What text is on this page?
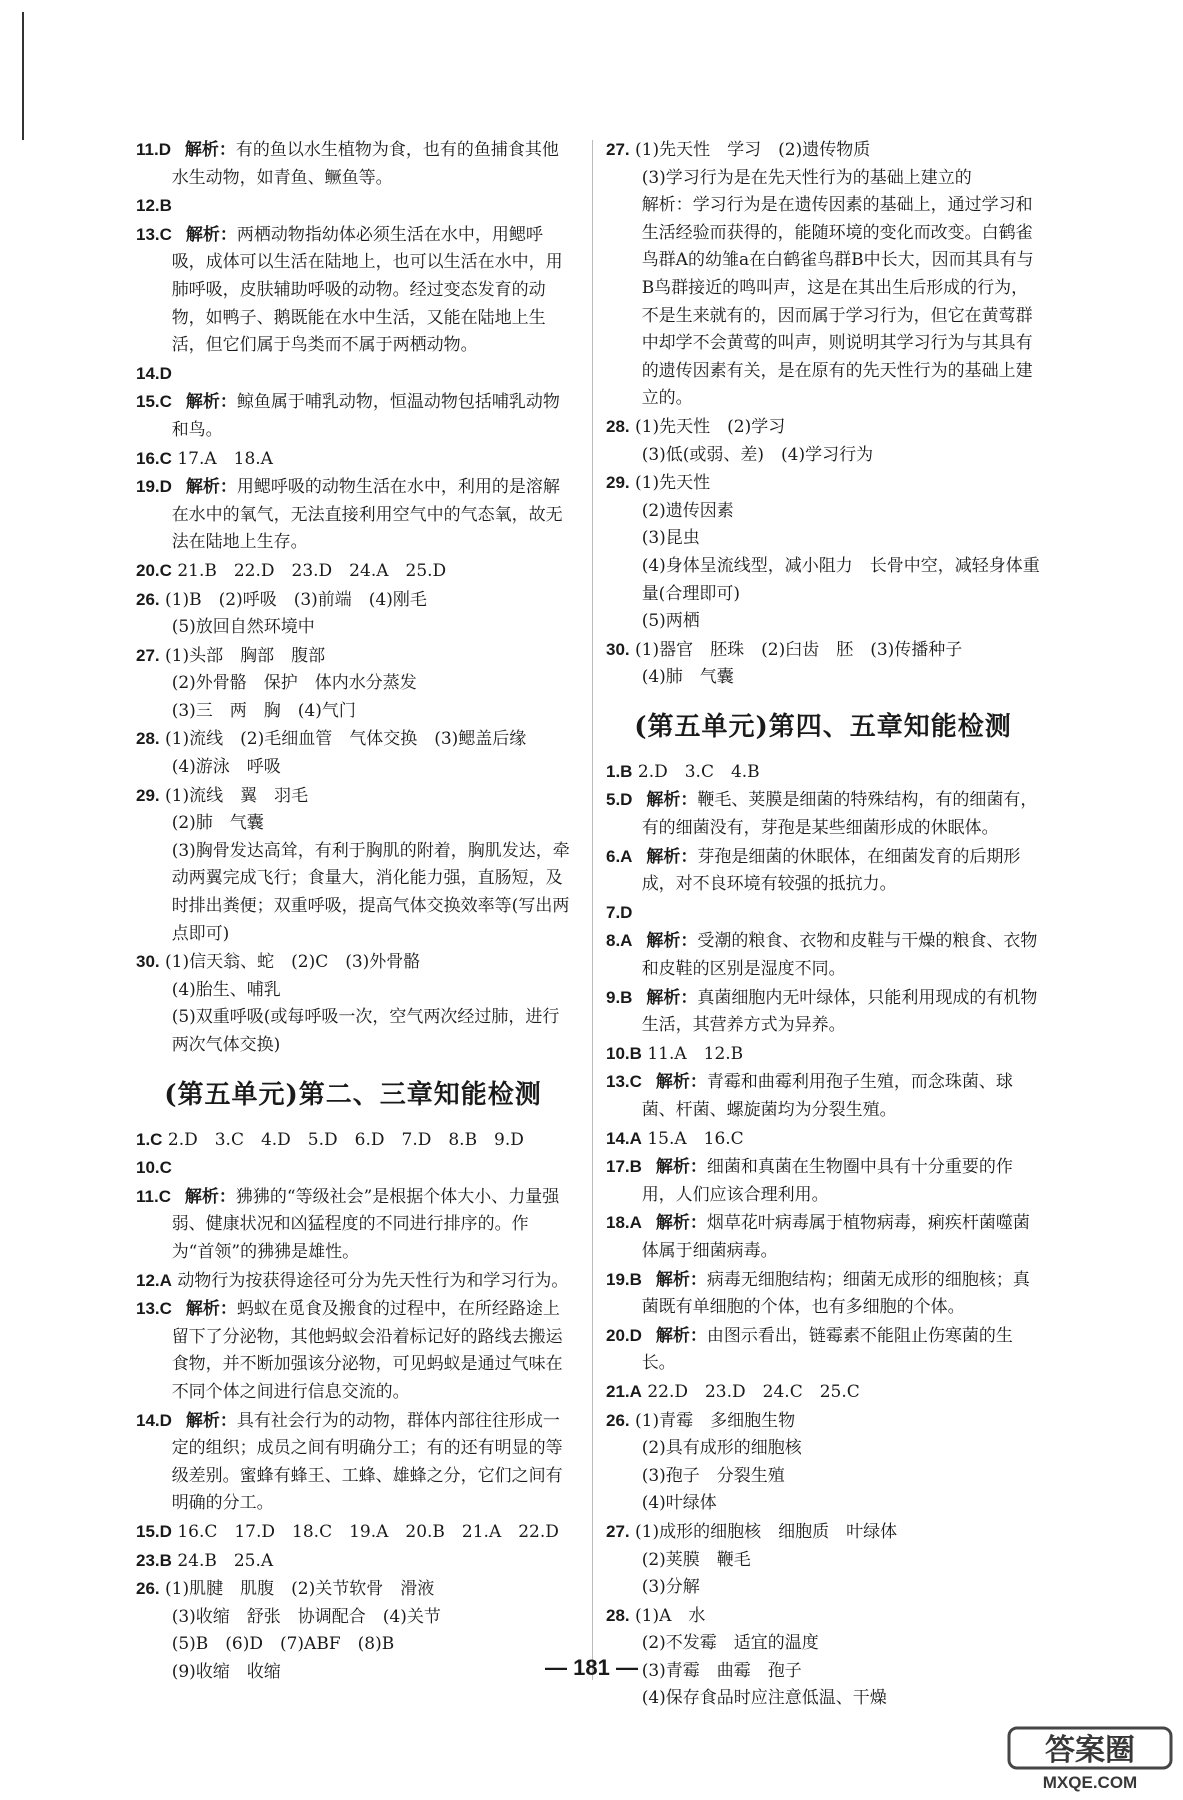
11.D 解析：有的鱼以水生植物为食，也有的鱼捕食其他水生动物，如青鱼、鳜鱼等。

12.B

13.C 解析：两栖动物指幼体必须生活在水中，用鳃呼吸，成体可以生活在陆地上，也可以生活在水中，用肺呼吸，皮肤辅助呼吸的动物。经过变态发育的动物，如鸭子、鹅既能在水中生活，又能在陆地上生活，但它们属于鸟类而不属于两栖动物。

14.D

15.C 解析：鲸鱼属于哺乳动物，恒温动物包括哺乳动物和鸟。

16.C 17.A　18.A

19.D 解析：用鳃呼吸的动物生活在水中，利用的是溶解在水中的氧气，无法直接利用空气中的气态氧，故无法在陆地上生存。

20.C 21.B　22.D　23.D　24.A　25.D

26. (1)B　(2)呼吸　(3)前端　(4)刚毛

(5)放回自然环境中

27. (1)头部　胸部　腹部

(2)外骨骼　保护　体内水分蒸发

(3)三　两　胸　(4)气门

28. (1)流线　(2)毛细血管　气体交换　(3)鳃盖后缘

(4)游泳　呼吸

29. (1)流线　翼　羽毛

(2)肺　气囊

(3)胸骨发达高耸，有利于胸肌的附着，胸肌发达，牵动两翼完成飞行；食量大，消化能力强，直肠短，及时排出粪便；双重呼吸，提高气体交换效率等(写出两点即可)

30. (1)信天翁、蛇　(2)C　(3)外骨骼

(4)胎生、哺乳

(5)双重呼吸(或每呼吸一次，空气两次经过肺，进行两次气体交换)

(第五单元)第二、三章知能检测

1.C 2.D　3.C　4.D　5.D　6.D　7.D　8.B　9.D

10.C

11.C 解析：狒狒的“等级社会”是根据个体大小、力量强弱、健康状况和凶猛程度的不同进行排序的。作为“首领”的狒狒是雄性。

12.A 动物行为按获得途径可分为先天性行为和学习行为。

13.C 解析：蚂蚁在觅食及搬食的过程中，在所经路途上留下了分泌物，其他蚂蚁会沿着标记好的路线去搬运食物，并不断加强该分泌物，可见蚂蚁是通过气味在不同个体之间进行信息交流的。

14.D 解析：具有社会行为的动物，群体内部往往形成一定的组织；成员之间有明确分工；有的还有明显的等级差别。蜜蜂有蜂王、工蜂、雄蜂之分，它们之间有明确的分工。

15.D 16.C　17.D　18.C　19.A　20.B　21.A　22.D

23.B 24.B　25.A

26. (1)肌腱　肌腹　(2)关节软骨　滑液

(3)收缩　舒张　协调配合　(4)关节

(5)B　(6)D　(7)ABF　(8)B

(9)收缩　收缩

27. (1)先天性　学习　(2)遗传物质

(3)学习行为是在先天性行为的基础上建立的

解析：学习行为是在遗传因素的基础上，通过学习和生活经验而获得的，能随环境的变化而改变。白鹤雀鸟群A的幼雏a在白鹤雀鸟群B中长大，因而其具有与B鸟群接近的鸣叫声，这是在其出生后形成的行为，不是生来就有的，因而属于学习行为，但它在黄莺群中却学不会黄莺的叫声，则说明其学习行为与其具有的遗传因素有关，是在原有的先天性行为的基础上建立的。

28. (1)先天性　(2)学习

(3)低(或弱、差)　(4)学习行为

29. (1)先天性

(2)遗传因素

(3)昆虫

(4)身体呈流线型，减小阻力　长骨中空，减轻身体重量(合理即可)

(5)两栖

30. (1)器官　胚珠　(2)臼齿　胚　(3)传播种子

(4)肺　气囊

(第五单元)第四、五章知能检测

1.B 2.D　3.C　4.B

5.D 解析：鞭毛、荚膜是细菌的特殊结构，有的细菌有，有的细菌没有，芽孢是某些细菌形成的休眠体。

6.A 解析：芽孢是细菌的休眠体，在细菌发育的后期形成，对不良环境有较强的抵抗力。

7.D

8.A 解析：受潮的粮食、衣物和皮鞋与干燥的粮食、衣物和皮鞋的区别是湿度不同。

9.B 解析：真菌细胞内无叶绿体，只能利用现成的有机物生活，其营养方式为异养。

10.B 11.A　12.B

13.C 解析：青霉和曲霉利用孢子生殖，而念珠菌、球菌、杆菌、螺旋菌均为分裂生殖。

14.A 15.A　16.C

17.B 解析：细菌和真菌在生物圈中具有十分重要的作用，人们应该合理利用。

18.A 解析：烟草花叶病毒属于植物病毒，痢疾杆菌噬菌体属于细菌病毒。

19.B 解析：病毒无细胞结构；细菌无成形的细胞核；真菌既有单细胞的个体，也有多细胞的个体。

20.D 解析：由图示看出，链霉素不能阻止伤寒菌的生长。

21.A 22.D　23.D　24.C　25.C

26. (1)青霉　多细胞生物

(2)具有成形的细胞核

(3)孢子　分裂生殖

(4)叶绿体

27. (1)成形的细胞核　细胞质　叶绿体

(2)荚膜　鞭毛

(3)分解

28. (1)A　水

(2)不发霉　适宜的温度

(3)青霉　曲霉　孢子

(4)保存食品时应注意低温、干燥

— 181 —
答案圈
MXQE.COM
